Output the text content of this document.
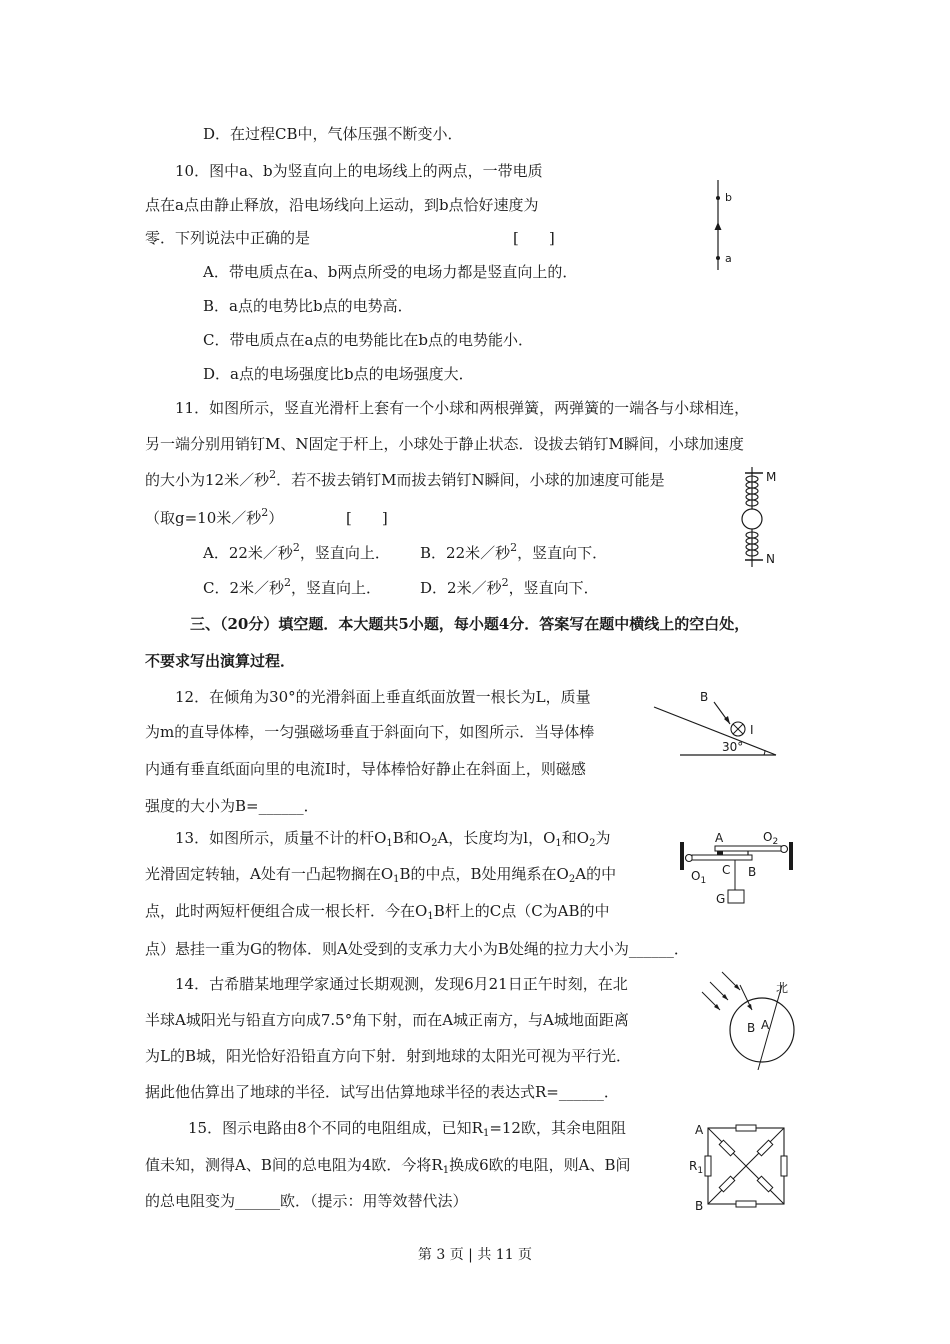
D．在过程CB中，气体压强不断变小．
10．图中a、b为竖直向上的电场线上的两点，一带电质
点在a点由静止释放，沿电场线向上运动，到b点恰好速度为
零．下列说法中正确的是	[　　]
A．带电质点在a、b两点所受的电场力都是竖直向上的．
B．a点的电势比b点的电势高．
C．带电质点在a点的电势能比在b点的电势能小．
D．a点的电场强度比b点的电场强度大．
11．如图所示，竖直光滑杆上套有一个小球和两根弹簧，两弹簧的一端各与小球相连，
另一端分别用销钉M、N固定于杆上，小球处于静止状态．设拔去销钉M瞬间，小球加速度
的大小为12米／秒$^2$．若不拔去销钉M而拔去销钉N瞬间，小球的加速度可能是
（取g=10米／秒$^2$）	[　　]
A．22米／秒$^2$，竖直向上． B．22米／秒$^2$，竖直向下．
C．2米／秒$^2$，竖直向上．	D．2米／秒$^2$，竖直向下．
三、（20分）填空题．本大题共5小题，每小题4分．答案写在题中横线上的空白处，
不要求写出演算过程．
12．在倾角为30°的光滑斜面上垂直纸面放置一根长为L，质量
为m的直导体棒，一匀强磁场垂直于斜面向下，如图所示．当导体棒
内通有垂直纸面向里的电流I时，导体棒恰好静止在斜面上，则磁感
强度的大小为B=______．
13．如图所示，质量不计的杆$O_1B$和$O_2A$，长度均为l，$O_1$和$O_2$为
光滑固定转轴，A处有一凸起物搁在$O_1B$的中点，B处用绳系在$O_2A$的中
点，此时两短杆便组合成一根长杆．今在$O_1B$杆上的C点（C为AB的中
点）悬挂一重为G的物体．则A处受到的支承力大小为B处绳的拉力大小为______．
14．古希腊某地理学家通过长期观测，发现6月21日正午时刻，在北
半球A城阳光与铅直方向成7.5°角下射，而在A城正南方，与A城地面距离
为L的B城，阳光恰好沿铅直方向下射．射到地球的太阳光可视为平行光．
据此他估算出了地球的半径．试写出估算地球半径的表达式R=______．
15．图示电路由8个不同的电阻组成，已知$R_1=12$欧，其余电阻阻
值未知，测得A、B间的总电阻为4欧．今将$R_1$换成6欧的电阻，则A、B间
的总电阻变为______欧．（提示：用等效替代法）
第 3 页 | 共 11 页
b
a
M
N
B
I
30°
A	$O_2$
$O_1$
C B
G
北
A
B
A
B
$R_1$
